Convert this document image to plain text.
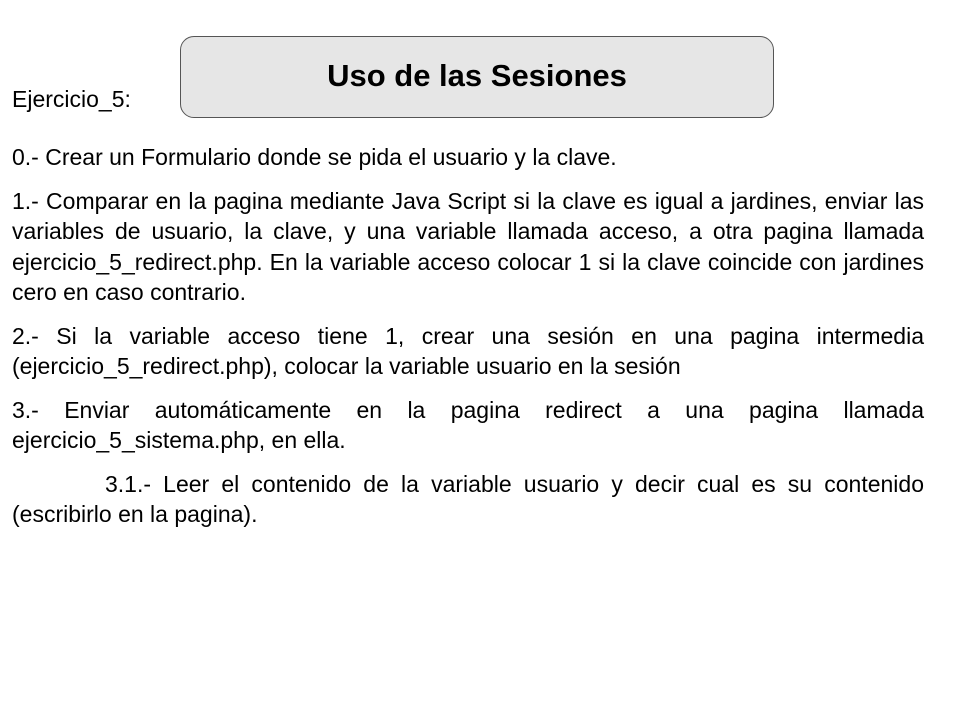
Uso de las Sesiones
Ejercicio_5:

0.- Crear un Formulario donde se pida el usuario y la clave.

1.- Comparar en la pagina mediante Java Script si la clave es igual a jardines, enviar las variables de usuario, la clave, y una variable llamada acceso, a otra pagina llamada ejercicio_5_redirect.php. En la variable acceso colocar 1 si la clave coincide con jardines cero en caso contrario.

2.- Si la variable acceso tiene 1, crear una sesión en una pagina intermedia (ejercicio_5_redirect.php), colocar la variable usuario en la sesión

3.- Enviar automáticamente en la pagina redirect a una pagina llamada ejercicio_5_sistema.php, en ella.

3.1.- Leer el contenido de la variable usuario y decir cual es su contenido (escribirlo en la pagina).
